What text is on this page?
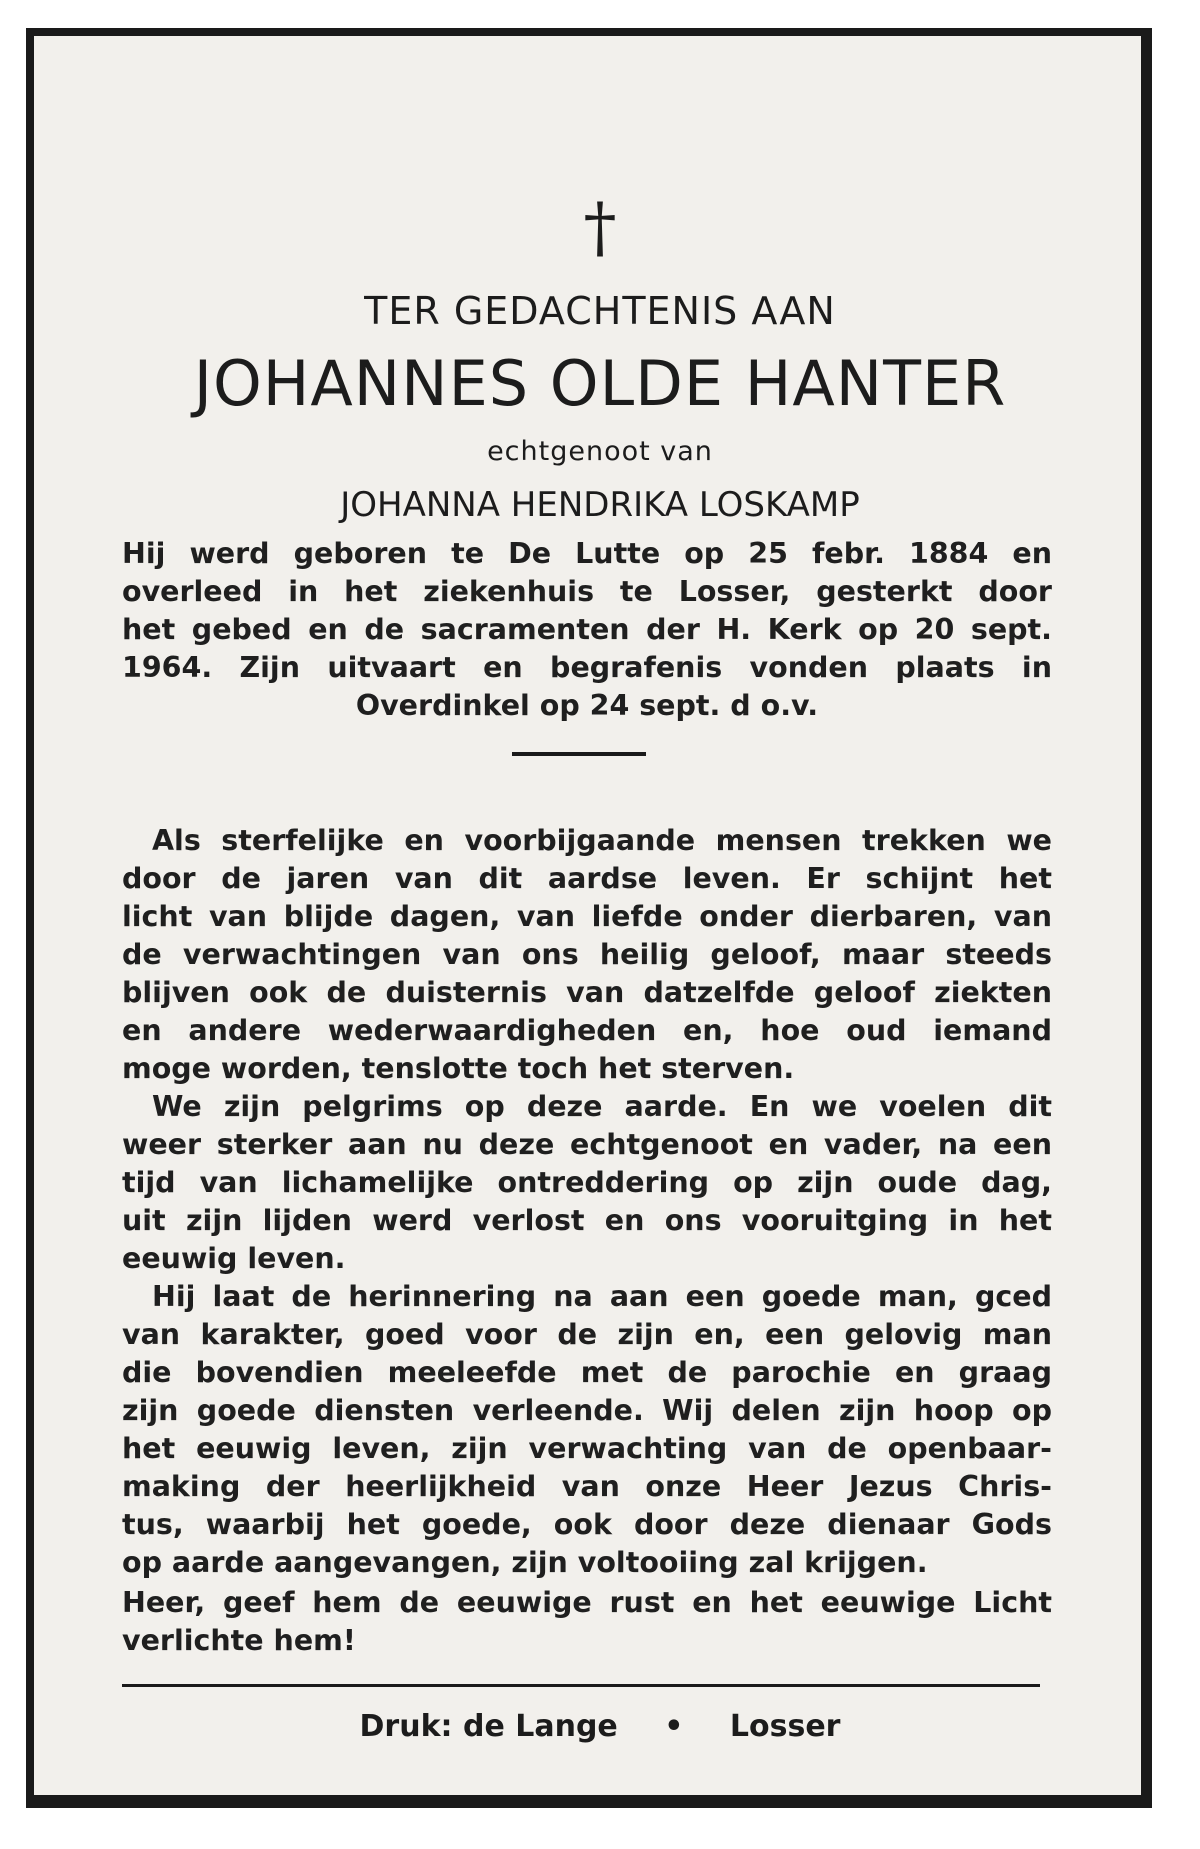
†
TER GEDACHTENIS AAN
JOHANNES OLDE HANTER
echtgenoot van
JOHANNA HENDRIKA LOSKAMP
Hij werd geboren te De Lutte op 25 febr. 1884 en
overleed in het ziekenhuis te Losser, gesterkt door
het gebed en de sacramenten der H. Kerk op 20 sept.
1964. Zijn uitvaart en begrafenis vonden plaats in
Overdinkel op 24 sept. d o.v.
Als sterfelijke en voorbijgaande mensen trekken we
door de jaren van dit aardse leven. Er schijnt het
licht van blijde dagen, van liefde onder dierbaren, van
de verwachtingen van ons heilig geloof, maar steeds
blijven ook de duisternis van datzelfde geloof ziekten
en andere wederwaardigheden en, hoe oud iemand
moge worden, tenslotte toch het sterven.
We zijn pelgrims op deze aarde. En we voelen dit
weer sterker aan nu deze echtgenoot en vader, na een
tijd van lichamelijke ontreddering op zijn oude dag,
uit zijn lijden werd verlost en ons vooruitging in het
eeuwig leven.
Hij laat de herinnering na aan een goede man, gced
van karakter, goed voor de zijn en, een gelovig man
die bovendien meeleefde met de parochie en graag
zijn goede diensten verleende. Wij delen zijn hoop op
het eeuwig leven, zijn verwachting van de openbaar-
making der heerlijkheid van onze Heer Jezus Chris-
tus, waarbij het goede, ook door deze dienaar Gods
op aarde aangevangen, zijn voltooiing zal krijgen.
Heer, geef hem de eeuwige rust en het eeuwige Licht
verlichte hem!
Druk: de Lange • Losser
